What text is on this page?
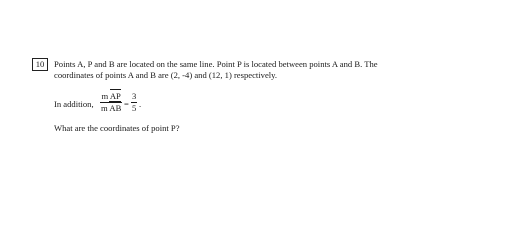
10 Points A, P and B are located on the same line. Point P is located between points A and B. The
coordinates of points A and B are (2, -4) and (12, 1) respectively.
In addition,
m AP
m AB =
3
5 .
What are the coordinates of point P?
